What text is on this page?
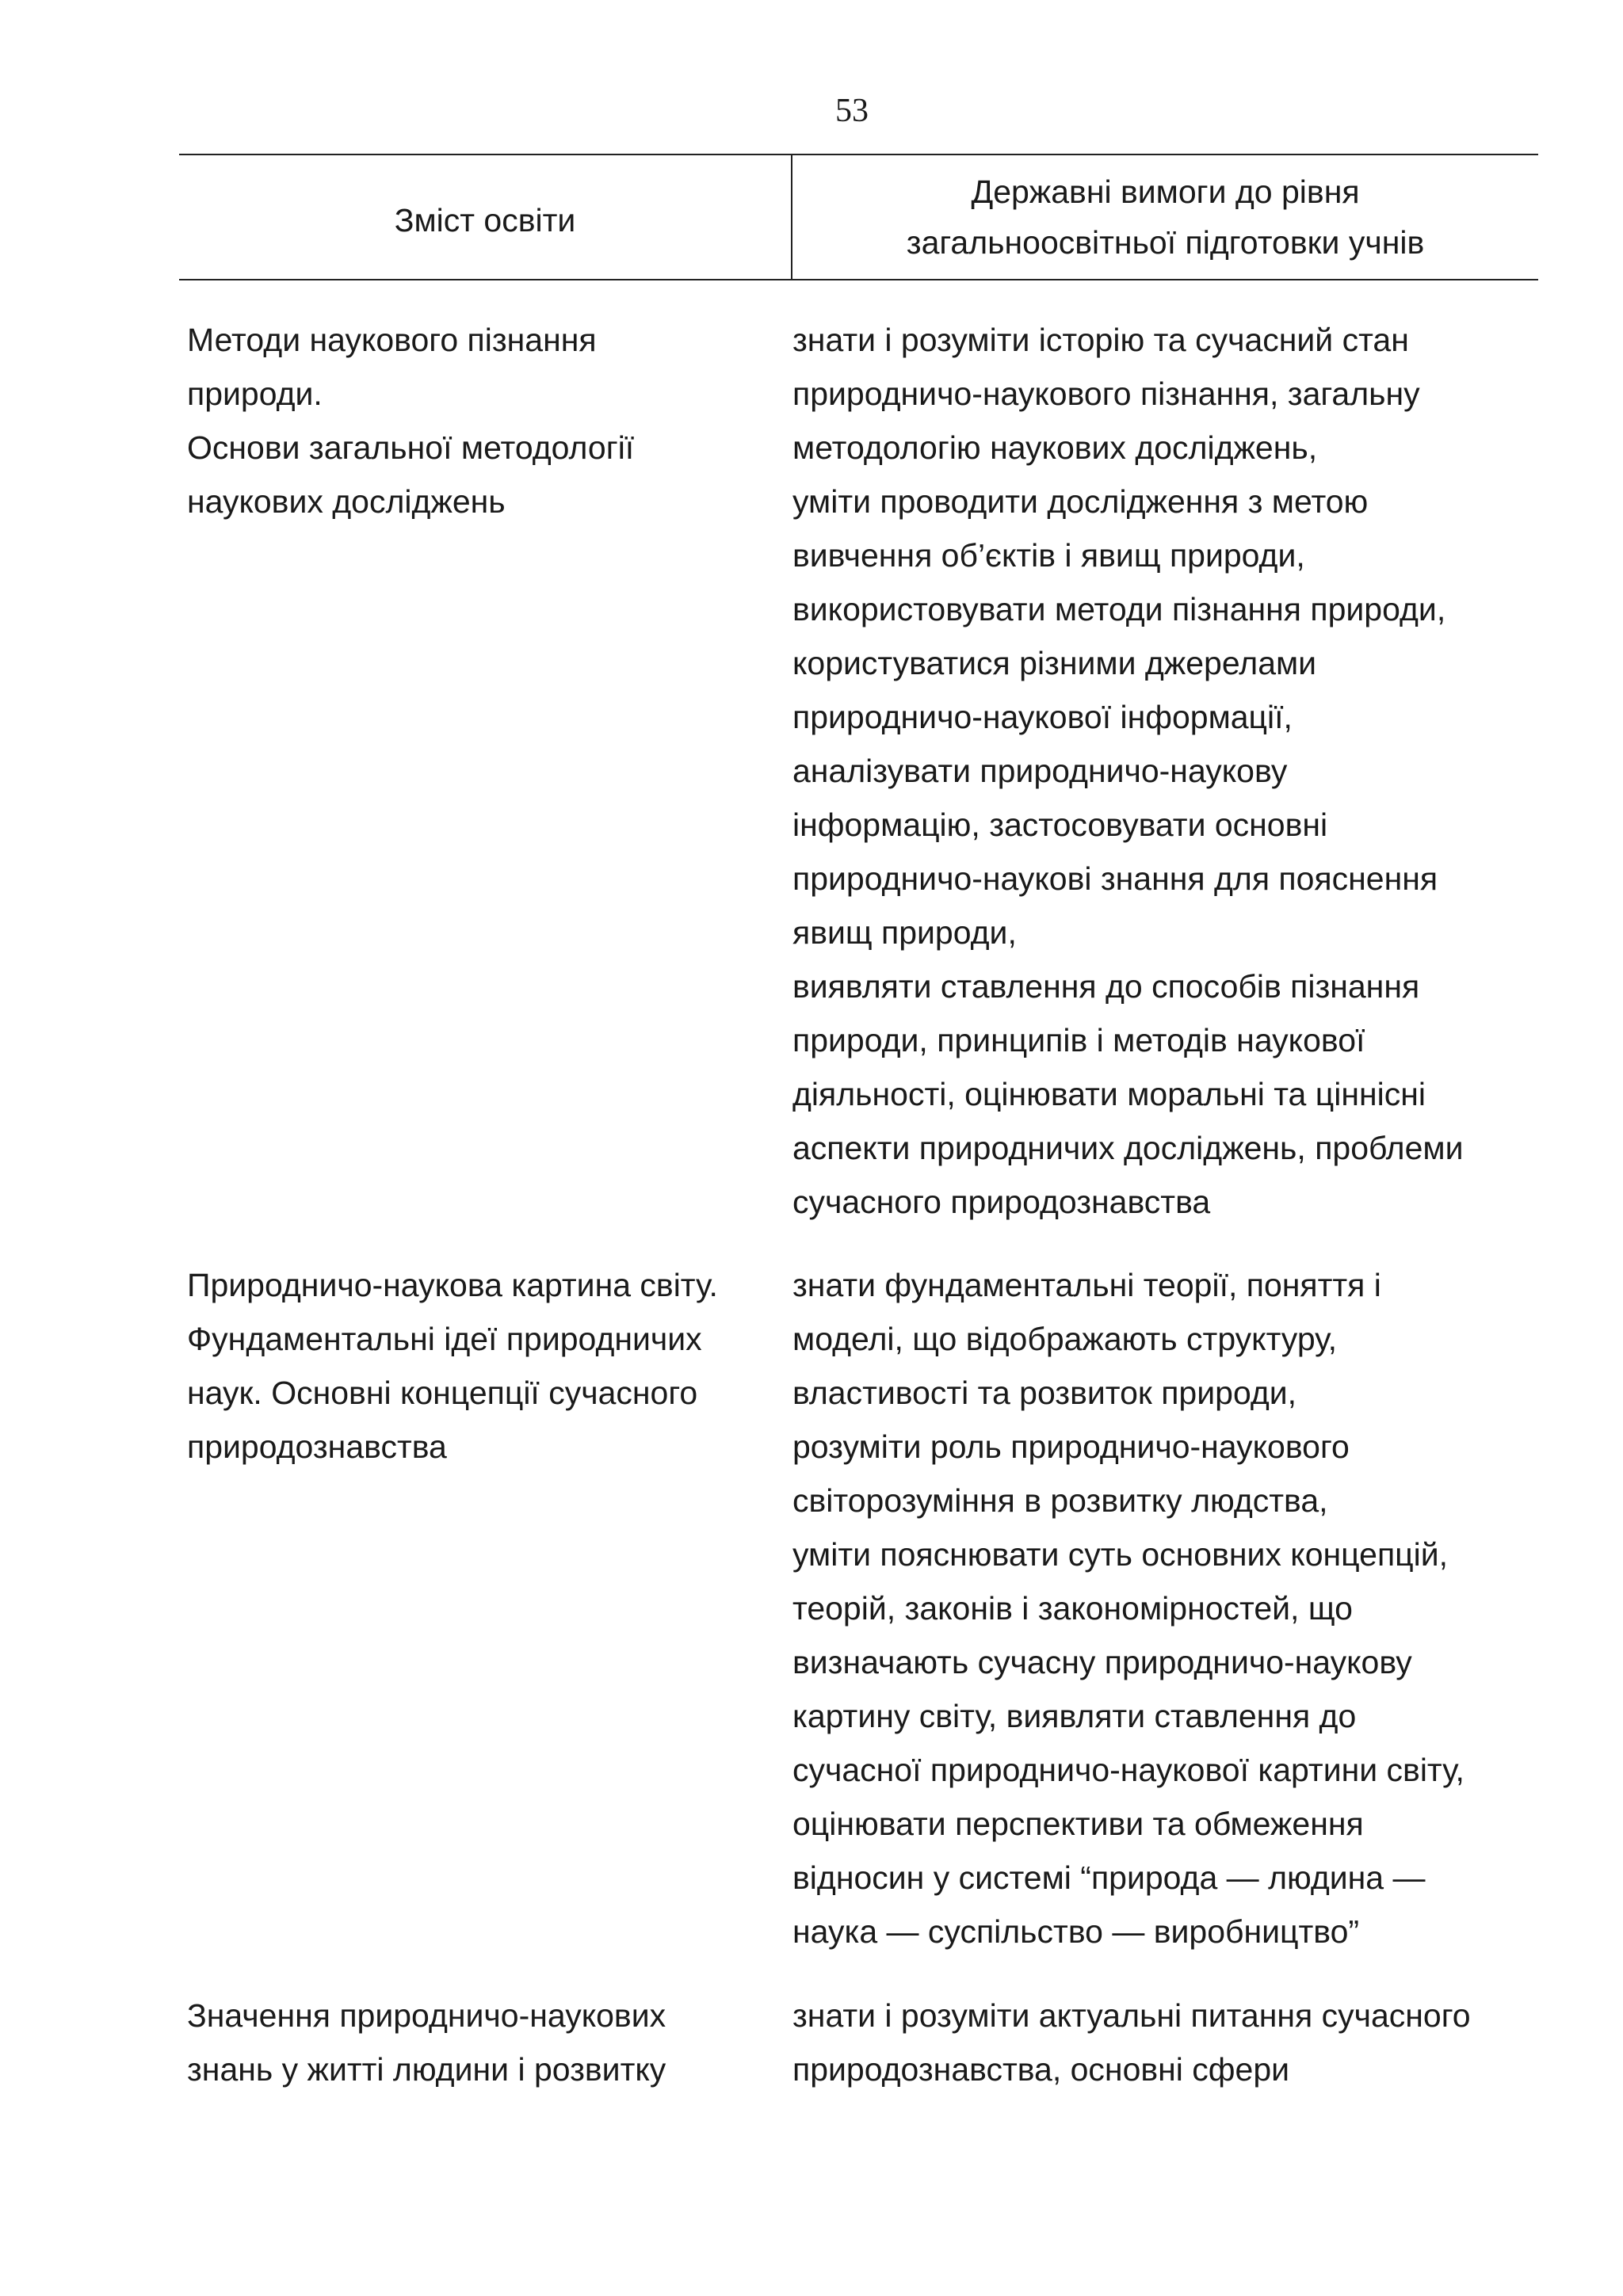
53
Зміст освіти
Державні вимоги до рівня
загальноосвітньої підготовки учнів
Методи наукового пізнання
природи.
Основи загальної методології
наукових досліджень
знати і розуміти історію та сучасний стан
природничо-наукового пізнання, загальну
методологію наукових досліджень,
уміти проводити дослідження з метою
вивчення об’єктів і явищ природи,
використовувати методи пізнання природи,
користуватися різними джерелами
природничо-наукової інформації,
аналізувати природничо-наукову
інформацію, застосовувати основні
природничо-наукові знання для пояснення
явищ природи,
виявляти ставлення до способів пізнання
природи, принципів і методів наукової
діяльності, оцінювати моральні та ціннісні
аспекти природничих досліджень, проблеми
сучасного природознавства
Природничо-наукова картина світу.
Фундаментальні ідеї природничих
наук. Основні концепції сучасного
природознавства
знати фундаментальні теорії, поняття і
моделі, що відображають структуру,
властивості та розвиток природи,
розуміти роль природничо-наукового
світорозуміння в розвитку людства,
уміти пояснювати суть основних концепцій,
теорій, законів і закономірностей, що
визначають сучасну природничо-наукову
картину світу, виявляти ставлення до
сучасної природничо-наукової картини світу,
оцінювати перспективи та обмеження
відносин у системі “природа — людина —
наука — суспільство — виробництво”
Значення природничо-наукових
знань у житті людини і розвитку
знати і розуміти актуальні питання сучасного
природознавства, основні сфери
